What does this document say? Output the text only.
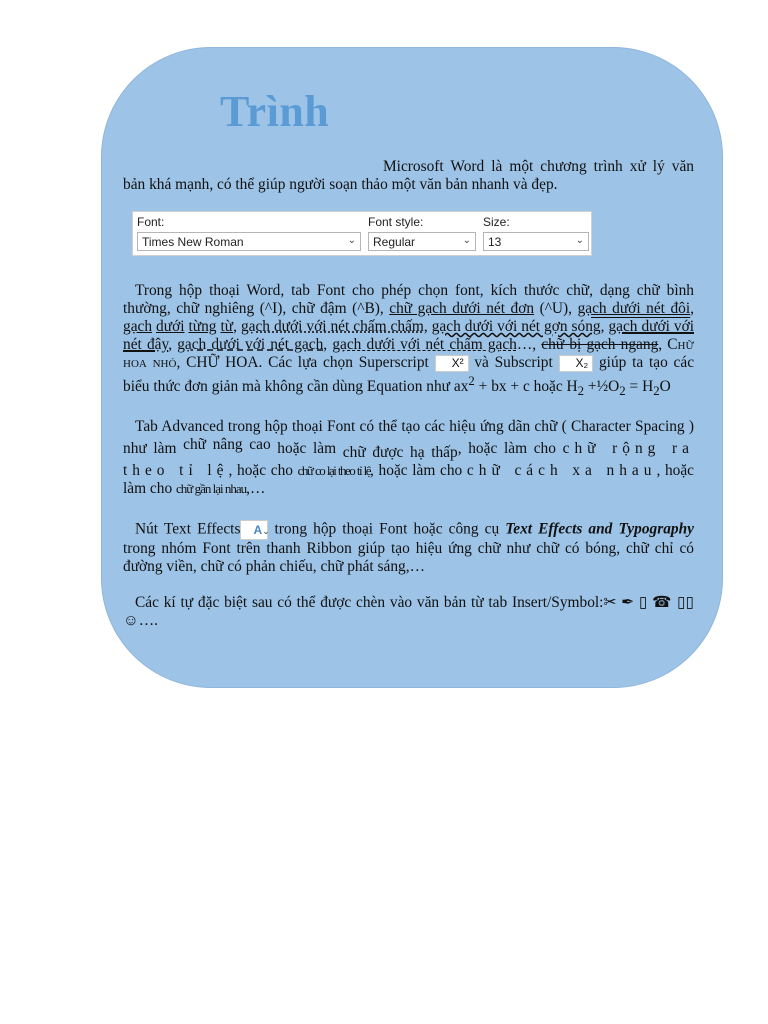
Trình

Microsoft Word là một chương trình xử lý văn bản khá mạnh, có thể giúp người soạn thảo một văn bản nhanh và đẹp.

Font:
Times New Roman	⌄
Font style:
Regular	⌄
Size:
13	⌄

Trong hộp thoại Word, tab Font cho phép chọn font, kích thước chữ, dạng chữ bình thường, chữ nghiêng (^I), chữ đậm (^B), chữ gạch dưới nét đơn (^U), gạch dưới nét đôi, gạch dưới từng từ, gạch dưới với nét chấm chấm, gạch dưới với nét gợn sóng, gạch dưới với nét đậy, gạch dưới với nét gạch, gạch dưới với nét chấm gạch…, chữ bị gạch ngang, Chữ hoa nhỏ, CHỮ HOA. Các lựa chọn Superscript X² và Subscript X₂ giúp ta tạo các biểu thức đơn giản mà không cần dùng Equation như $ax^2$ + bx + c hoặc $H_2$ $+\frac{1}{2}O_2 = H_2O$

Tab Advanced trong hộp thoại Font có thể tạo các hiệu ứng dãn chữ ( Character Spacing ) như làm chữ nâng cao hoặc làm chữ được hạ thấp, hoặc làm cho chữ rộng ra theo tỉ lệ, hoặc cho chữ co lại theo tỉ lệ, hoặc làm cho chữ cách xa nhau, hoặc làm cho chữ gần lại nhau,…

Nút Text Effects A⌄ trong hộp thoại Font hoặc công cụ Text Effects and Typography trong nhóm Font trên thanh Ribbon giúp tạo hiệu ứng chữ như chữ có bóng, chữ chỉ có đường viền, chữ có phản chiếu, chữ phát sáng,…

Các kí tự đặc biệt sau có thể được chèn vào văn bản từ tab Insert/Symbol:✂ ✒ ▯ ☎ ▯▯ ☺….
